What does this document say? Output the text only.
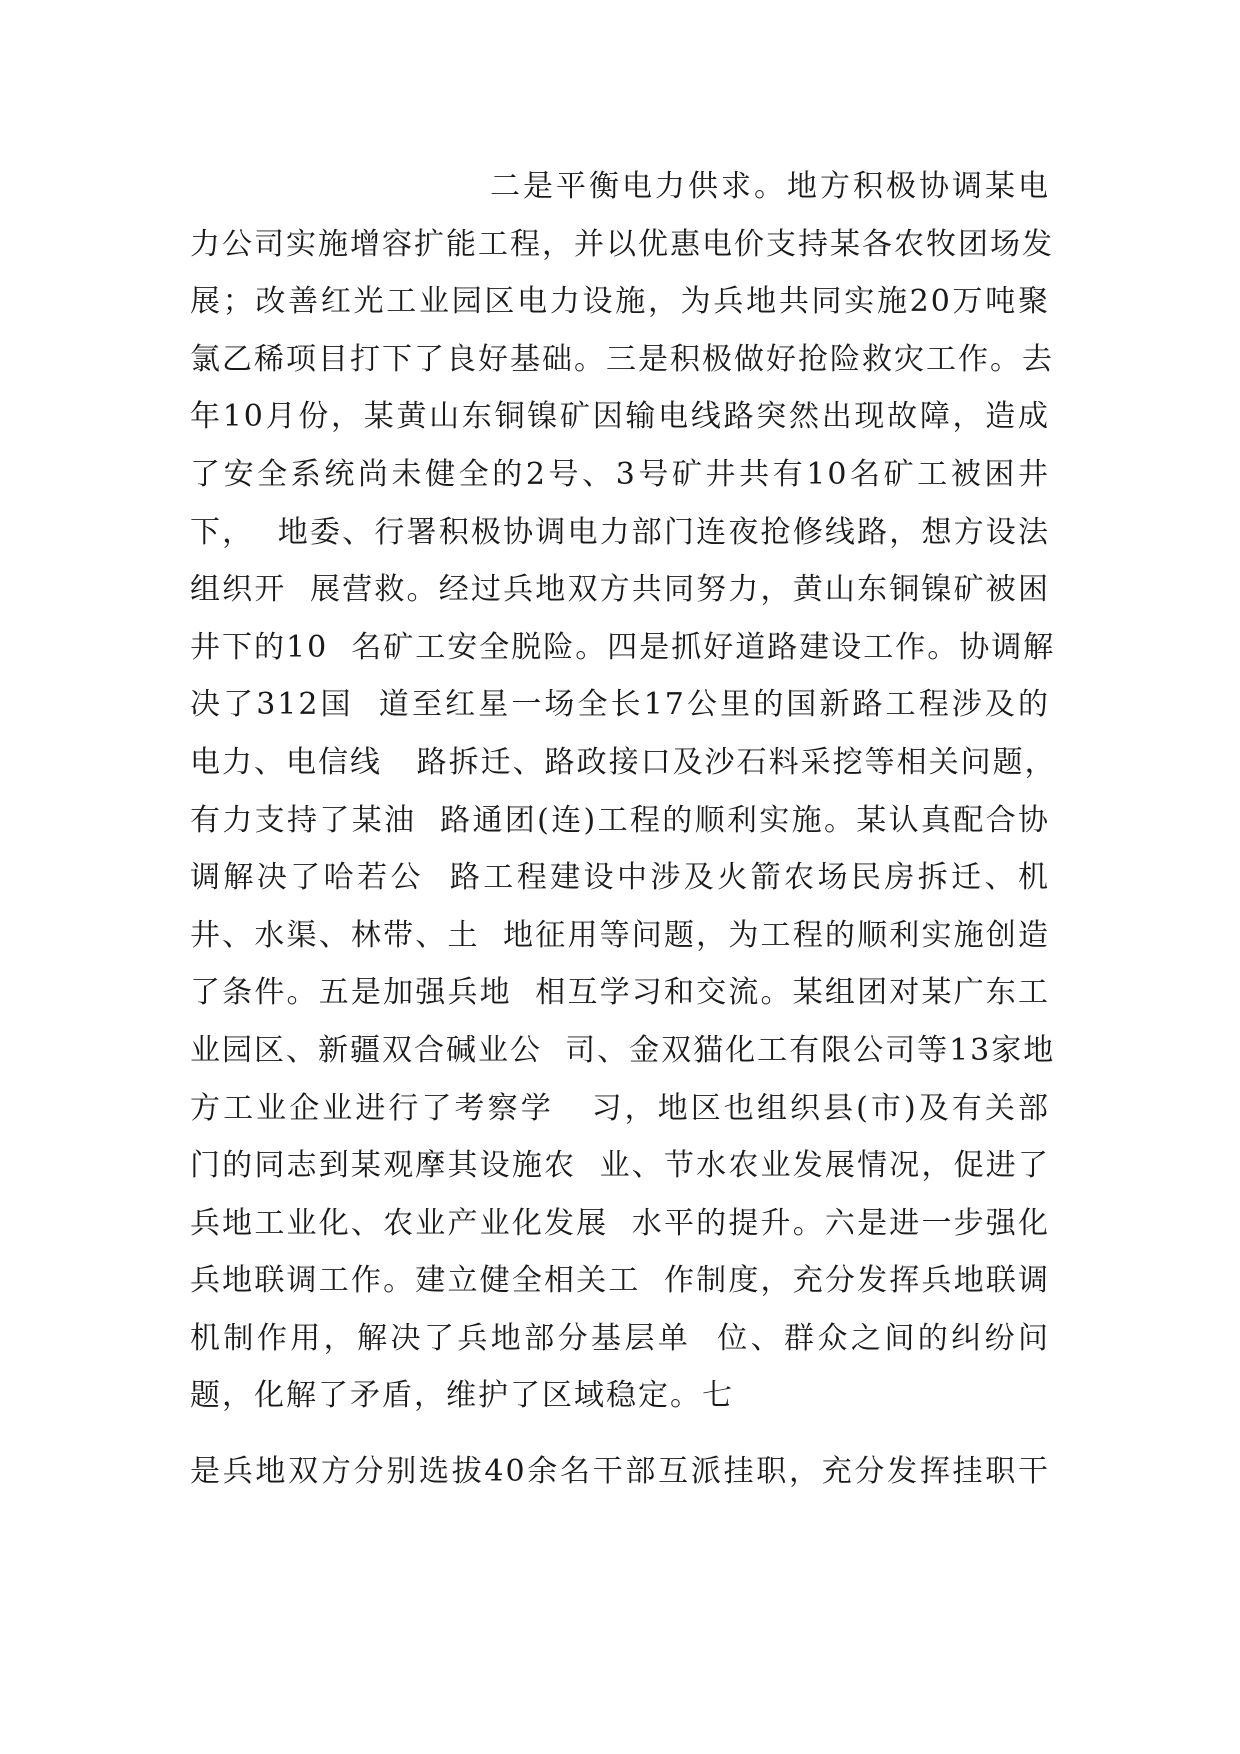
二是平衡电力供求。地方积极协调某电
力公司实施增容扩能工程，并以优惠电价支持某各农牧团场发
展；改善红光工业园区电力设施，为兵地共同实施20万吨聚
氯乙稀项目打下了良好基础。三是积极做好抢险救灾工作。去
年10月份，某黄山东铜镍矿因输电线路突然出现故障，造成
了安全系统尚未健全的2号、3号矿井共有10名矿工被困井
下，  地委、行署积极协调电力部门连夜抢修线路，想方设法
组织开  展营救。经过兵地双方共同努力，黄山东铜镍矿被困
井下的10  名矿工安全脱险。四是抓好道路建设工作。协调解
决了312国  道至红星一场全长17公里的国新路工程涉及的
电力、电信线   路拆迁、路政接口及沙石料采挖等相关问题，
有力支持了某油  路通团(连)工程的顺利实施。某认真配合协
调解决了哈若公  路工程建设中涉及火箭农场民房拆迁、机
井、水渠、林带、土  地征用等问题，为工程的顺利实施创造
了条件。五是加强兵地  相互学习和交流。某组团对某广东工
业园区、新疆双合碱业公  司、金双猫化工有限公司等13家地
方工业企业进行了考察学   习，地区也组织县(市)及有关部
门的同志到某观摩其设施农  业、节水农业发展情况，促进了
兵地工业化、农业产业化发展  水平的提升。六是进一步强化
兵地联调工作。建立健全相关工  作制度，充分发挥兵地联调
机制作用，解决了兵地部分基层单  位、群众之间的纠纷问
题，化解了矛盾，维护了区域稳定。七
是兵地双方分别选拔40余名干部互派挂职，充分发挥挂职干
